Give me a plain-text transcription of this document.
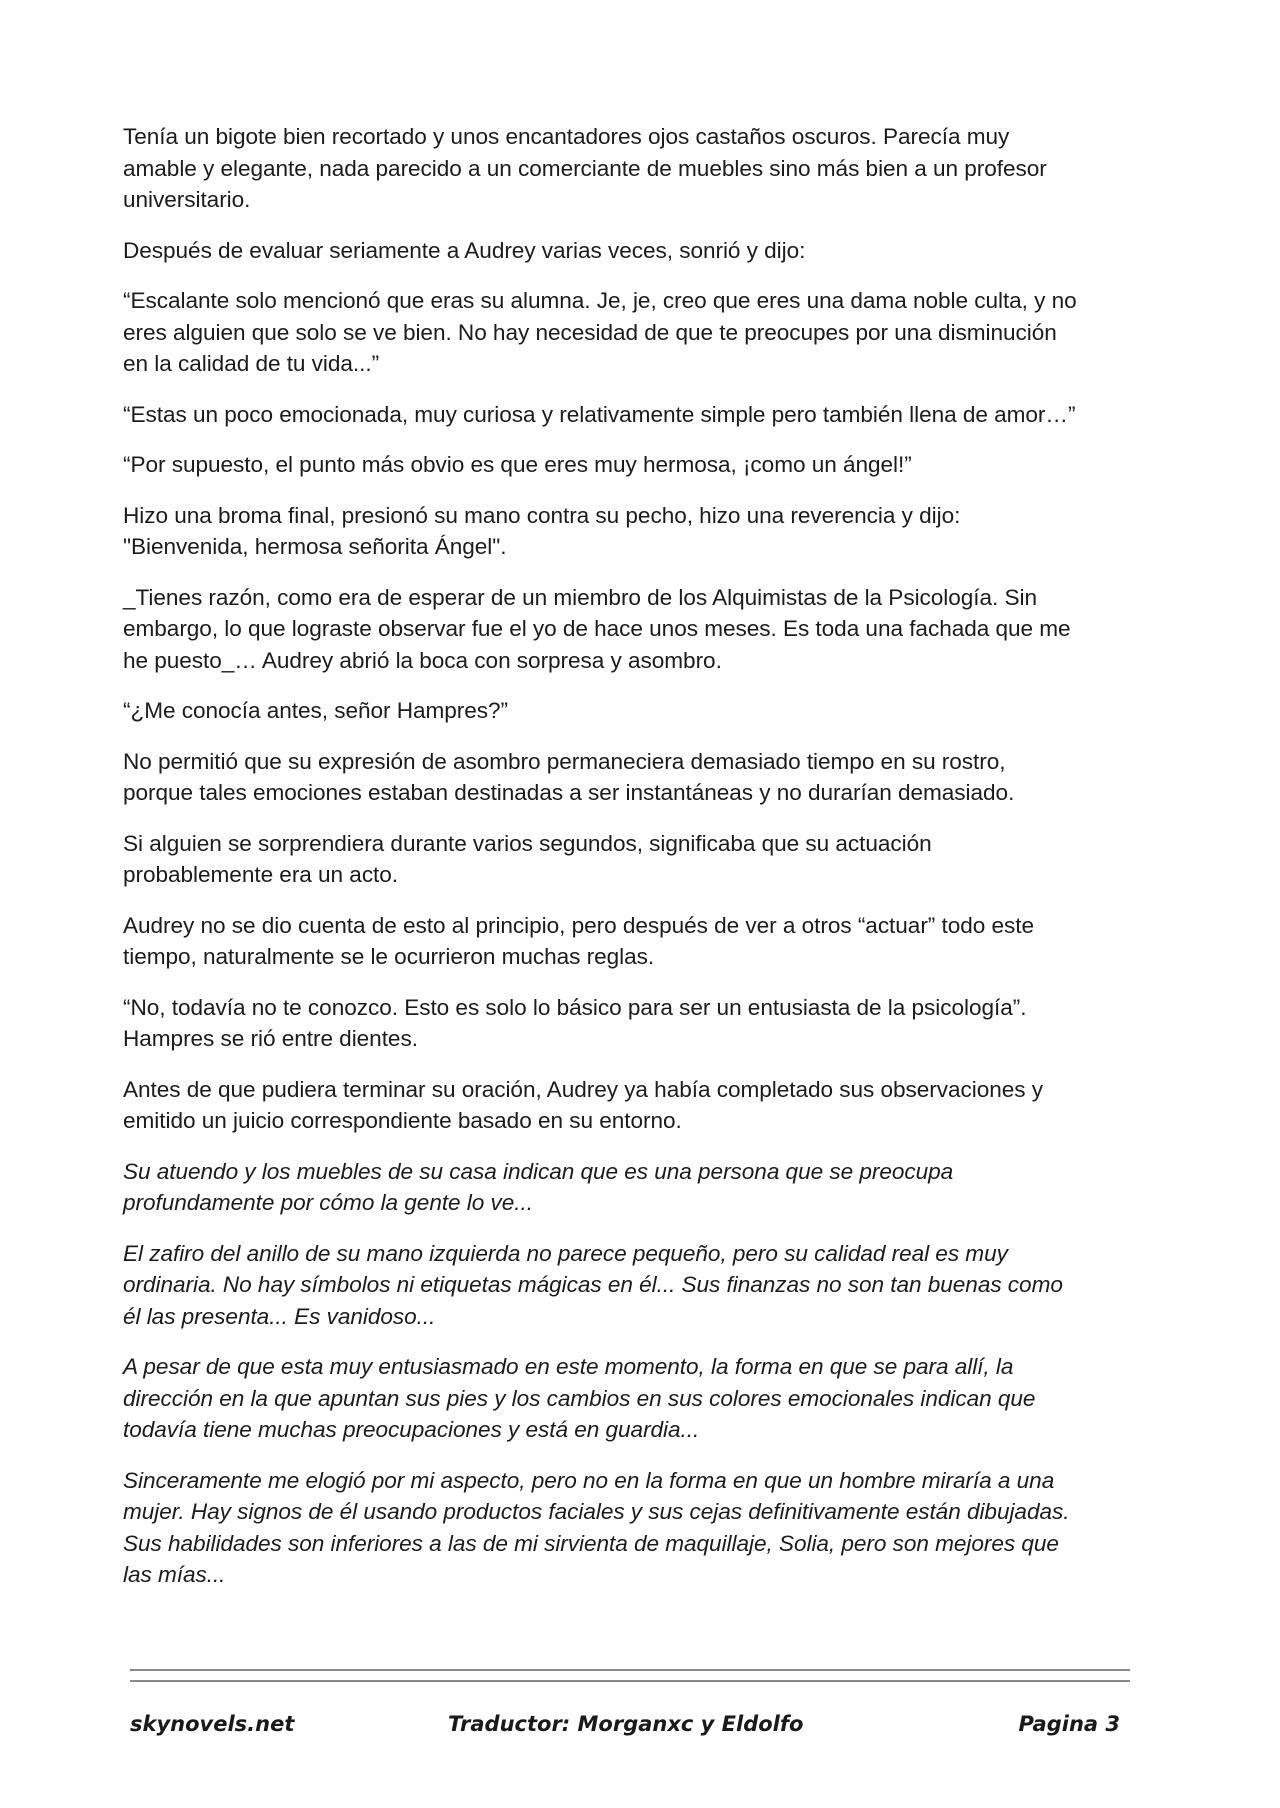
Tenía un bigote bien recortado y unos encantadores ojos castaños oscuros. Parecía muy
amable y elegante, nada parecido a un comerciante de muebles sino más bien a un profesor
universitario.

Después de evaluar seriamente a Audrey varias veces, sonrió y dijo:

“Escalante solo mencionó que eras su alumna. Je, je, creo que eres una dama noble culta, y no
eres alguien que solo se ve bien. No hay necesidad de que te preocupes por una disminución
en la calidad de tu vida...”

“Estas un poco emocionada, muy curiosa y relativamente simple pero también llena de amor…”

“Por supuesto, el punto más obvio es que eres muy hermosa, ¡como un ángel!”

Hizo una broma final, presionó su mano contra su pecho, hizo una reverencia y dijo:
"Bienvenida, hermosa señorita Ángel".

_Tienes razón, como era de esperar de un miembro de los Alquimistas de la Psicología. Sin
embargo, lo que lograste observar fue el yo de hace unos meses. Es toda una fachada que me
he puesto_… Audrey abrió la boca con sorpresa y asombro.

“¿Me conocía antes, señor Hampres?”

No permitió que su expresión de asombro permaneciera demasiado tiempo en su rostro,
porque tales emociones estaban destinadas a ser instantáneas y no durarían demasiado.

Si alguien se sorprendiera durante varios segundos, significaba que su actuación
probablemente era un acto.

Audrey no se dio cuenta de esto al principio, pero después de ver a otros “actuar” todo este
tiempo, naturalmente se le ocurrieron muchas reglas.

“No, todavía no te conozco. Esto es solo lo básico para ser un entusiasta de la psicología”.
Hampres se rió entre dientes.

Antes de que pudiera terminar su oración, Audrey ya había completado sus observaciones y
emitido un juicio correspondiente basado en su entorno.

Su atuendo y los muebles de su casa indican que es una persona que se preocupa
profundamente por cómo la gente lo ve...

El zafiro del anillo de su mano izquierda no parece pequeño, pero su calidad real es muy
ordinaria. No hay símbolos ni etiquetas mágicas en él... Sus finanzas no son tan buenas como
él las presenta... Es vanidoso...

A pesar de que esta muy entusiasmado en este momento, la forma en que se para allí, la
dirección en la que apuntan sus pies y los cambios en sus colores emocionales indican que
todavía tiene muchas preocupaciones y está en guardia...

Sinceramente me elogió por mi aspecto, pero no en la forma en que un hombre miraría a una
mujer. Hay signos de él usando productos faciales y sus cejas definitivamente están dibujadas.
Sus habilidades son inferiores a las de mi sirvienta de maquillaje, Solia, pero son mejores que
las mías...

skynovels.net	Traductor: Morganxc y Eldolfo	Pagina 3
